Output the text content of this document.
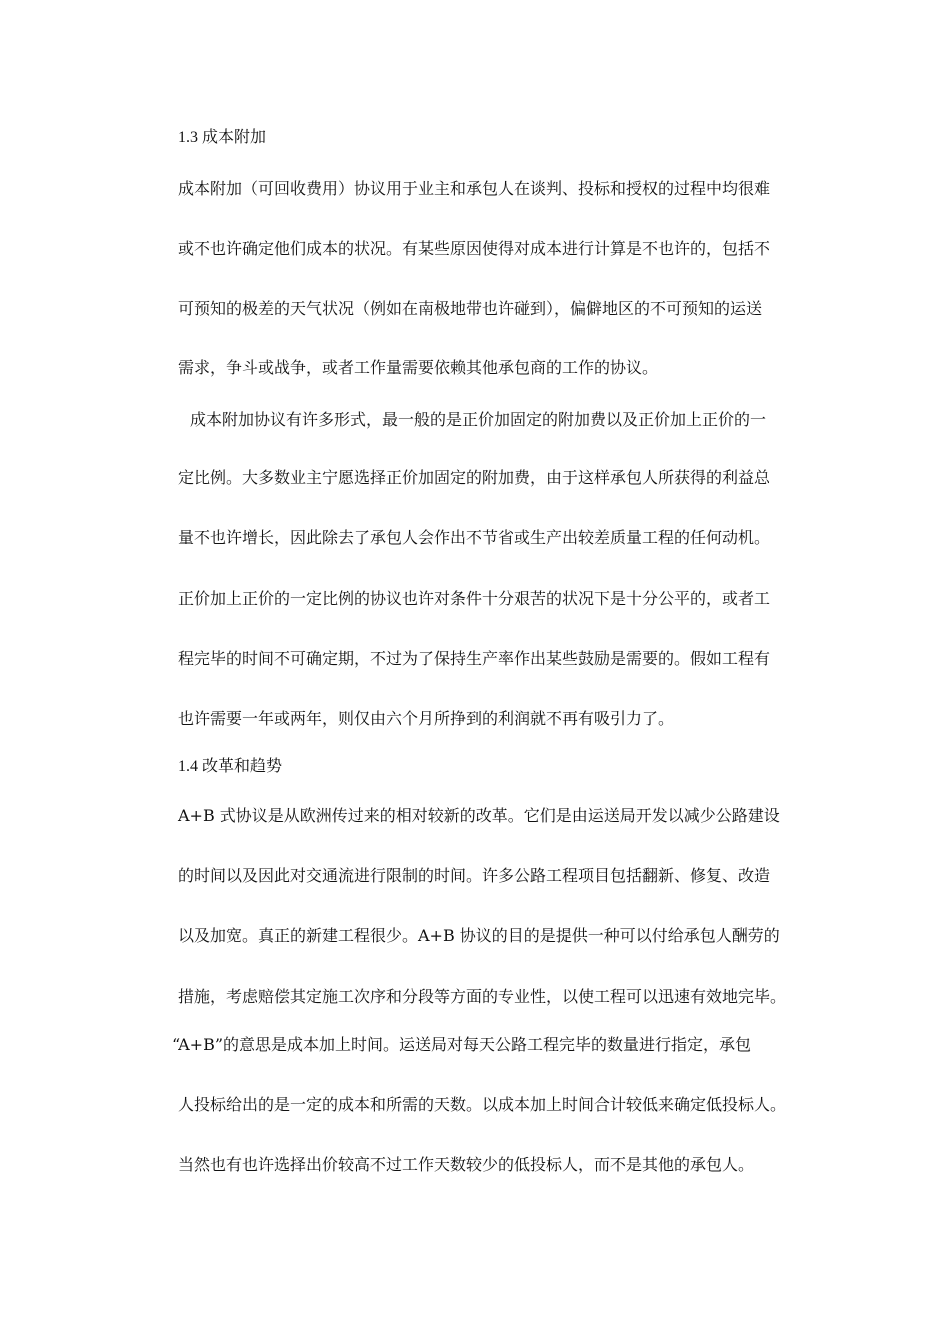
1.3 成本附加
成本附加（可回收费用）协议用于业主和承包人在谈判、投标和授权的过程中均很难
或不也许确定他们成本的状况。有某些原因使得对成本进行计算是不也许的，包括不
可预知的极差的天气状况（例如在南极地带也许碰到），偏僻地区的不可预知的运送
需求，争斗或战争，或者工作量需要依赖其他承包商的工作的协议。
成本附加协议有许多形式，最一般的是正价加固定的附加费以及正价加上正价的一
定比例。大多数业主宁愿选择正价加固定的附加费，由于这样承包人所获得的利益总
量不也许增长，因此除去了承包人会作出不节省或生产出较差质量工程的任何动机。
正价加上正价的一定比例的协议也许对条件十分艰苦的状况下是十分公平的，或者工
程完毕的时间不可确定期，不过为了保持生产率作出某些鼓励是需要的。假如工程有
也许需要一年或两年，则仅由六个月所挣到的利润就不再有吸引力了。
1.4 改革和趋势
A+B 式协议是从欧洲传过来的相对较新的改革。它们是由运送局开发以减少公路建设
的时间以及因此对交通流进行限制的时间。许多公路工程项目包括翻新、修复、改造
以及加宽。真正的新建工程很少。A+B 协议的目的是提供一种可以付给承包人酬劳的
措施，考虑赔偿其定施工次序和分段等方面的专业性，以使工程可以迅速有效地完毕。
“A+B”的意思是成本加上时间。运送局对每天公路工程完毕的数量进行指定，承包
人投标给出的是一定的成本和所需的天数。以成本加上时间合计较低来确定低投标人。
当然也有也许选择出价较高不过工作天数较少的低投标人，而不是其他的承包人。
